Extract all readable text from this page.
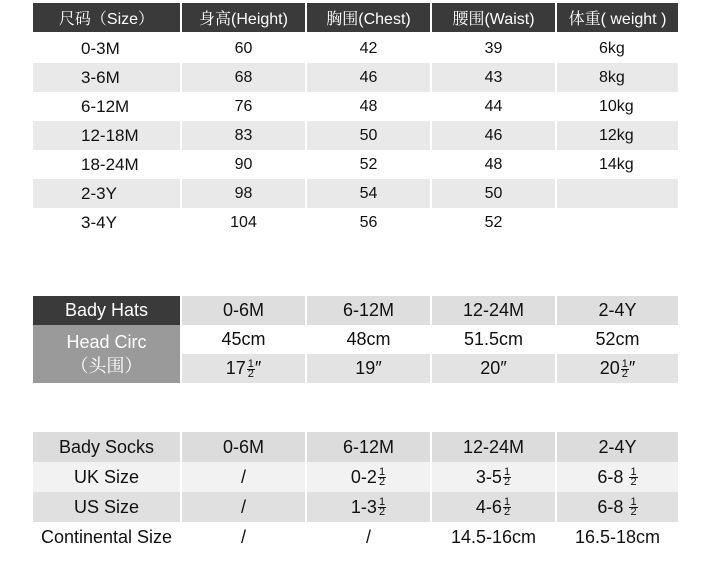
尺码（Size）	身高(Height)	胸围(Chest)	腰围(Waist)	体重( weight )
0-3M	60	42	39	6kg
3-6M	68	46	43	8kg
6-12M	76	48	44	10kg
12-18M	83	50	46	12kg
18-24M	90	52	48	14kg
2-3Y	98	54	50	
3-4Y	104	56	52	
Bady Hats	0-6M	6-12M	12-24M	2-4Y

Head Circ
（头围）	45cm	48cm	51.5cm	52cm
	$17 \frac{1}{2}$ ″	19″	20″	$20 \frac{1}{2}$ ″
Bady Socks	0-6M	6-12M	12-24M	2-4Y
UK Size	/	$0-2 \frac{1}{2}$	$3-5 \frac{1}{2}$	$6-8 \frac{1}{2}$

US Size	/	$1-3 \frac{1}{2}$	$4-6 \frac{1}{2}$	$6-8 \frac{1}{2}$

Continental Size	/	/	14.5-16cm	16.5-18cm
